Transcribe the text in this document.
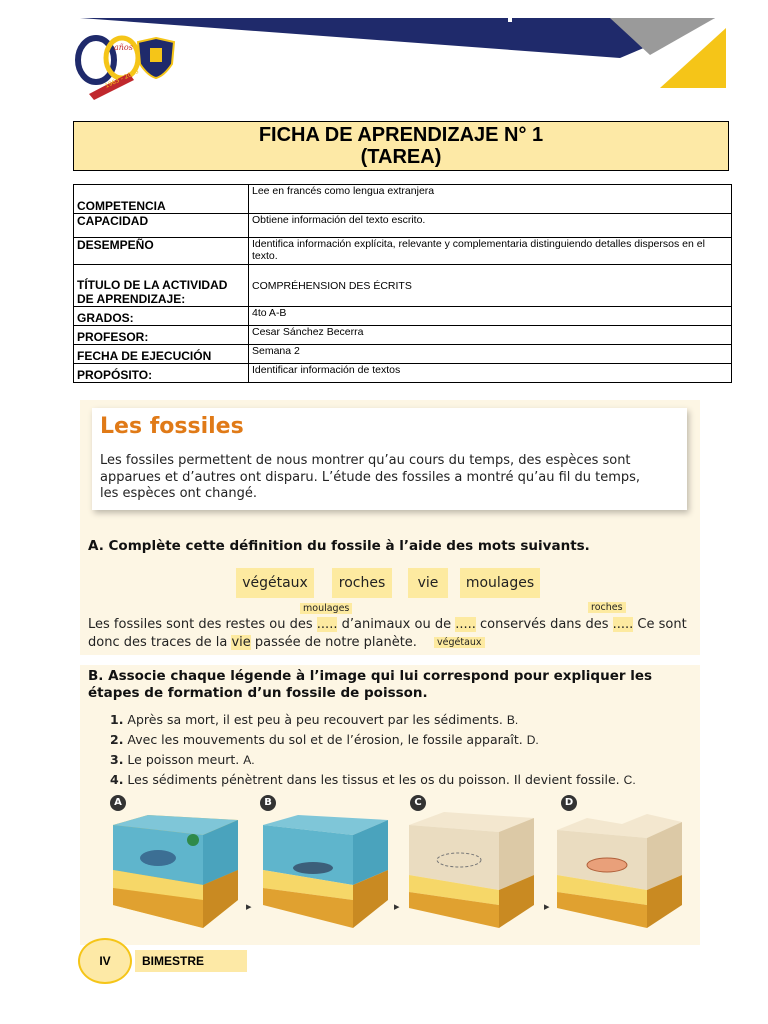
años
1963 - 2013
FICHA DE APRENDIZAJE N° 1
(TAREA)
COMPETENCIA	Lee en francés como lengua extranjera
CAPACIDAD	Obtiene información del texto escrito.
DESEMPEÑO	Identifica información explícita, relevante y complementaria distinguiendo detalles dispersos en el texto.
TÍTULO DE LA ACTIVIDAD DE APRENDIZAJE:	COMPRÉHENSION DES ÉCRITS
GRADOS:	4to A-B
PROFESOR:	Cesar Sánchez Becerra
FECHA DE EJECUCIÓN	Semana 2
PROPÓSITO:	Identificar información de textos
Les fossiles
Les fossiles permettent de nous montrer qu’au cours du temps, des espèces sont apparues et d’autres ont disparu. L’étude des fossiles a montré qu’au fil du temps, les espèces ont changé.
A. Complète cette définition du fossile à l’aide des mots suivants.
végétaux	roches	vie	moulages
moulages	roches
végétaux
Les fossiles sont des restes ou des ..... d’animaux ou de ..... conservés dans des ..... Ce sont
donc des traces de la vie passée de notre planète.
B. Associe chaque légende à l’image qui lui correspond pour expliquer les étapes de formation d’un fossile de poisson.
1. Après sa mort, il est peu à peu recouvert par les sédiments. B.
2. Avec les mouvements du sol et de l’érosion, le fossile apparaît. D.
3. Le poisson meurt. A.
4. Les sédiments pénètrent dans les tissus et les os du poisson. Il devient fossile. C.
A	B	C	D
▸	▸	▸
IV	BIMESTRE
